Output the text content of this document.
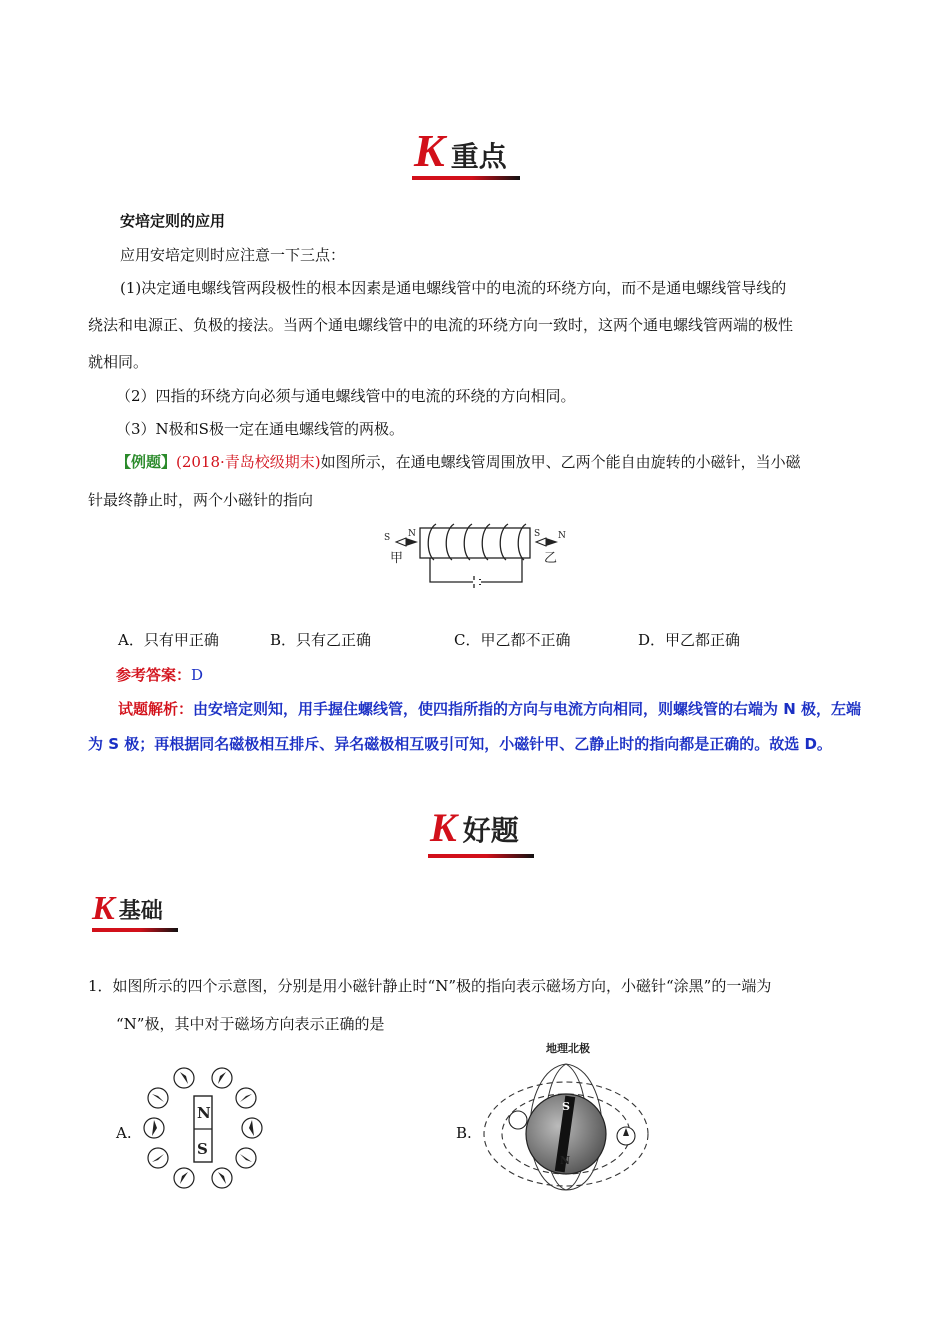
K 重点
安培定则的应用
应用安培定则时应注意一下三点：
(1)决定通电螺线管两段极性的根本因素是通电螺线管中的电流的环绕方向，而不是通电螺线管导线的
绕法和电源正、负极的接法。当两个通电螺线管中的电流的环绕方向一致时，这两个通电螺线管两端的极性
就相同。
（2）四指的环绕方向必须与通电螺线管中的电流的环绕的方向相同。
（3）N极和S极一定在通电螺线管的两极。
【例题】(2018·青岛校级期末)如图所示，在通电螺线管周围放甲、乙两个能自由旋转的小磁针，当小磁
针最终静止时，两个小磁针的指向
S N
甲
S N
乙
A．只有甲正确	B．只有乙正确	C．甲乙都不正确	D．甲乙都正确
参考答案：D
试题解析：由安培定则知，用手握住螺线管，使四指所指的方向与电流方向相同，则螺线管的右端为 N 极，左端为 S 极；再根据同名磁极相互排斥、异名磁极相互吸引可知，小磁针甲、乙静止时的指向都是正确的。故选 D。
K 好题
K 基础
1．如图所示的四个示意图，分别是用小磁针静止时“N”极的指向表示磁场方向，小磁针“涂黑”的一端为
“N”极，其中对于磁场方向表示正确的是
A.	B.
N
S
地理北极
S
N
